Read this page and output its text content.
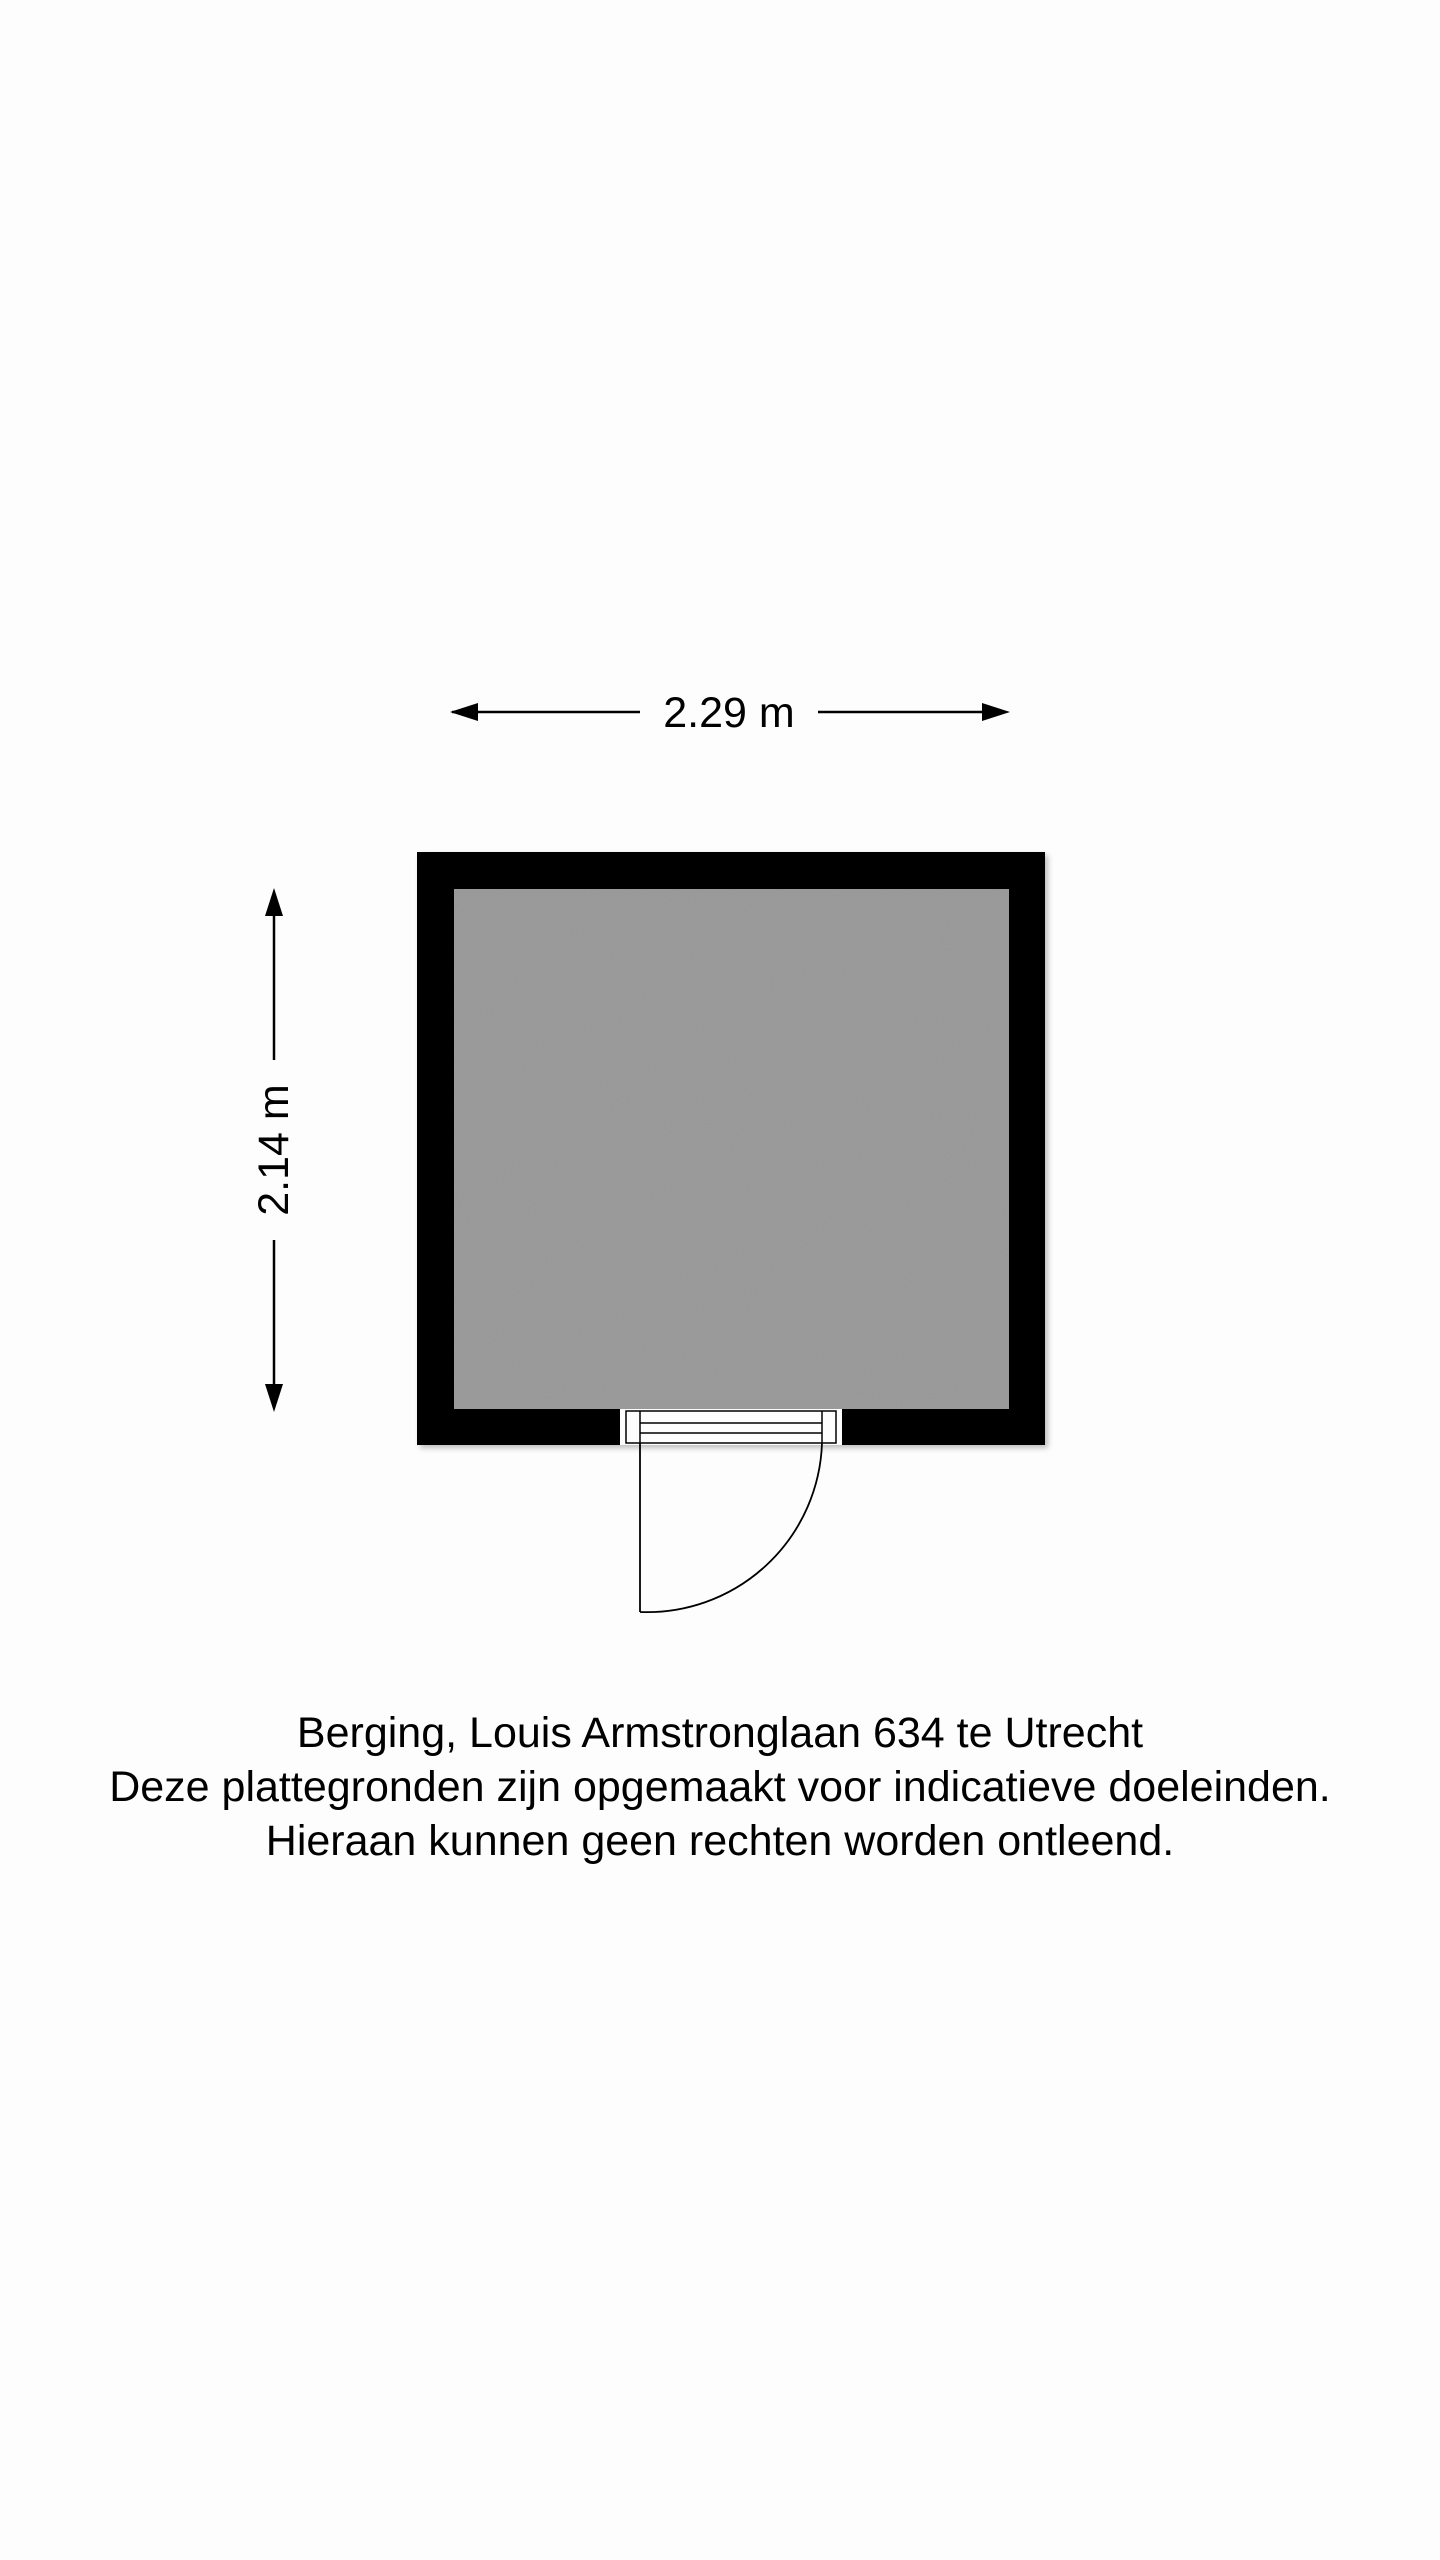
2.29 m
2.14 m
Berging, Louis Armstronglaan 634 te Utrecht
Deze plattegronden zijn opgemaakt voor indicatieve doeleinden.
Hieraan kunnen geen rechten worden ontleend.
